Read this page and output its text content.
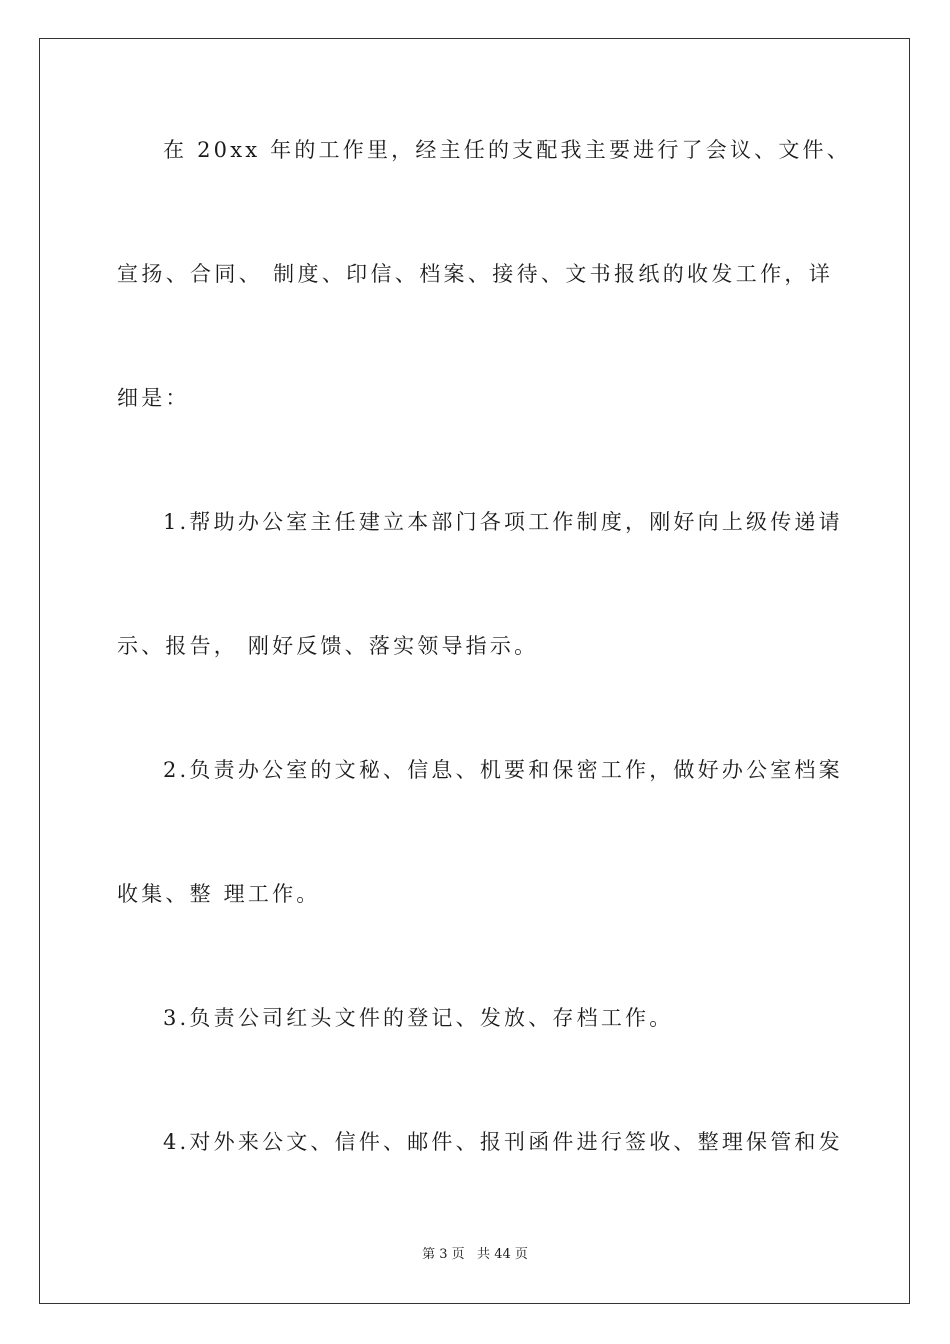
在 20xx 年的工作里，经主任的支配我主要进行了会议、文件、
宣扬、合同、 制度、印信、档案、接待、文书报纸的收发工作，详
细是：
1.帮助办公室主任建立本部门各项工作制度，刚好向上级传递请
示、报告， 刚好反馈、落实领导指示。
2.负责办公室的文秘、信息、机要和保密工作，做好办公室档案
收集、整 理工作。
3.负责公司红头文件的登记、发放、存档工作。
4.对外来公文、信件、邮件、报刊函件进行签收、整理保管和发
第 3 页   共 44 页
